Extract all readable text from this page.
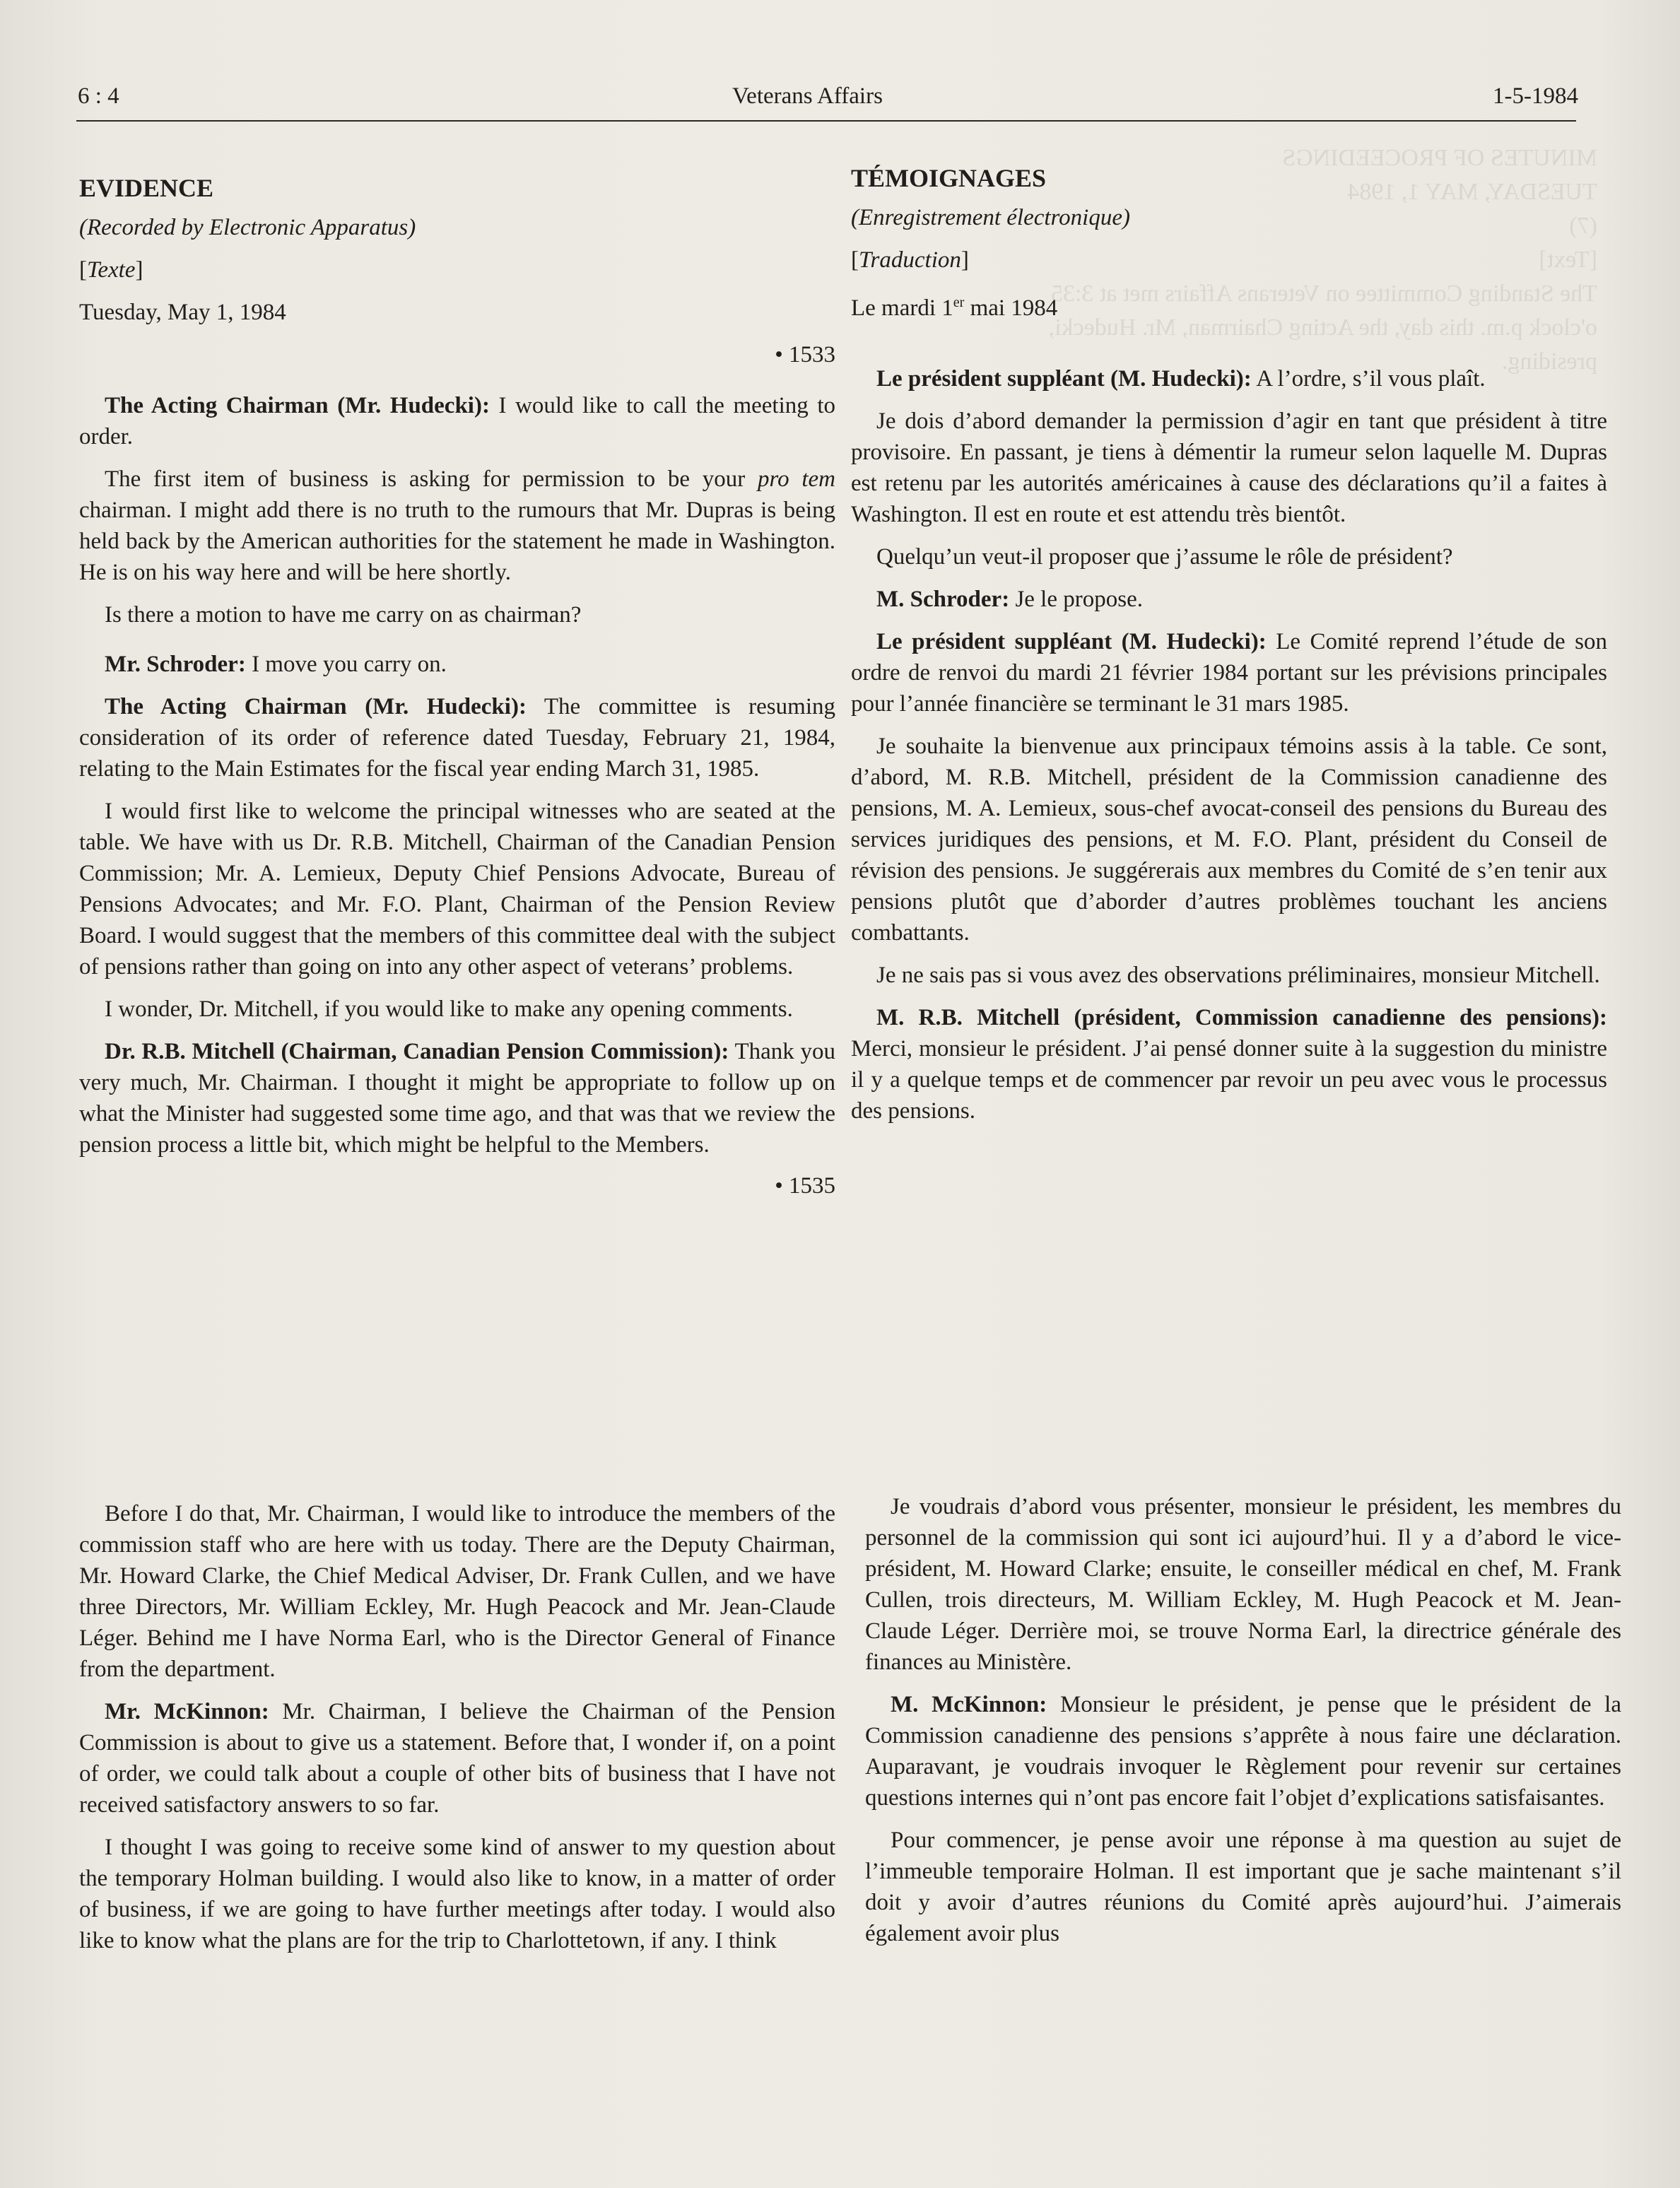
MINUTES OF PROCEEDINGS
TUESDAY, MAY 1, 1984
(7)
[Text]
The Standing Committee on Veterans Affairs met at 3:35
o'clock p.m. this day, the Acting Chairman, Mr. Hudecki,
presiding.
6 : 4	Veterans Affairs	1-5-1984
EVIDENCE
(Recorded by Electronic Apparatus)
[Texte]
Tuesday, May 1, 1984
• 1533

The Acting Chairman (Mr. Hudecki): I would like to call the meeting to order.

The first item of business is asking for permission to be your pro tem chairman. I might add there is no truth to the rumours that Mr. Dupras is being held back by the American authorities for the statement he made in Washington. He is on his way here and will be here shortly.

Is there a motion to have me carry on as chairman?

Mr. Schroder: I move you carry on.

The Acting Chairman (Mr. Hudecki): The committee is resuming consideration of its order of reference dated Tuesday, February 21, 1984, relating to the Main Estimates for the fiscal year ending March 31, 1985.

I would first like to welcome the principal witnesses who are seated at the table. We have with us Dr. R.B. Mitchell, Chairman of the Canadian Pension Commission; Mr. A. Lemieux, Deputy Chief Pensions Advocate, Bureau of Pensions Advocates; and Mr. F.O. Plant, Chairman of the Pension Review Board. I would suggest that the members of this committee deal with the subject of pensions rather than going on into any other aspect of veterans’ problems.

I wonder, Dr. Mitchell, if you would like to make any opening comments.

Dr. R.B. Mitchell (Chairman, Canadian Pension Commission): Thank you very much, Mr. Chairman. I thought it might be appropriate to follow up on what the Minister had suggested some time ago, and that was that we review the pension process a little bit, which might be helpful to the Members.

• 1535

Before I do that, Mr. Chairman, I would like to introduce the members of the commission staff who are here with us today. There are the Deputy Chairman, Mr. Howard Clarke, the Chief Medical Adviser, Dr. Frank Cullen, and we have three Directors, Mr. William Eckley, Mr. Hugh Peacock and Mr. Jean-Claude Léger. Behind me I have Norma Earl, who is the Director General of Finance from the department.

Mr. McKinnon: Mr. Chairman, I believe the Chairman of the Pension Commission is about to give us a statement. Before that, I wonder if, on a point of order, we could talk about a couple of other bits of business that I have not received satisfactory answers to so far.

I thought I was going to receive some kind of answer to my question about the temporary Holman building. I would also like to know, in a matter of order of business, if we are going to have further meetings after today. I would also like to know what the plans are for the trip to Charlottetown, if any. I think

TÉMOIGNAGES
(Enregistrement électronique)
[Traduction]
Le mardi 1er mai 1984

Le président suppléant (M. Hudecki): A l’ordre, s’il vous plaît.

Je dois d’abord demander la permission d’agir en tant que président à titre provisoire. En passant, je tiens à démentir la rumeur selon laquelle M. Dupras est retenu par les autorités américaines à cause des déclarations qu’il a faites à Washington. Il est en route et est attendu très bientôt.

Quelqu’un veut-il proposer que j’assume le rôle de président?

M. Schroder: Je le propose.

Le président suppléant (M. Hudecki): Le Comité reprend l’étude de son ordre de renvoi du mardi 21 février 1984 portant sur les prévisions principales pour l’année financière se terminant le 31 mars 1985.

Je souhaite la bienvenue aux principaux témoins assis à la table. Ce sont, d’abord, M. R.B. Mitchell, président de la Commission canadienne des pensions, M. A. Lemieux, sous-chef avocat-conseil des pensions du Bureau des services juridiques des pensions, et M. F.O. Plant, président du Conseil de révision des pensions. Je suggérerais aux membres du Comité de s’en tenir aux pensions plutôt que d’aborder d’autres problèmes touchant les anciens combattants.

Je ne sais pas si vous avez des observations préliminaires, monsieur Mitchell.

M. R.B. Mitchell (président, Commission canadienne des pensions): Merci, monsieur le président. J’ai pensé donner suite à la suggestion du ministre il y a quelque temps et de commencer par revoir un peu avec vous le processus des pensions.

Je voudrais d’abord vous présenter, monsieur le président, les membres du personnel de la commission qui sont ici aujourd’hui. Il y a d’abord le vice-président, M. Howard Clarke; ensuite, le conseiller médical en chef, M. Frank Cullen, trois directeurs, M. William Eckley, M. Hugh Peacock et M. Jean-Claude Léger. Derrière moi, se trouve Norma Earl, la directrice générale des finances au Ministère.

M. McKinnon: Monsieur le président, je pense que le président de la Commission canadienne des pensions s’apprête à nous faire une déclaration. Auparavant, je voudrais invoquer le Règlement pour revenir sur certaines questions internes qui n’ont pas encore fait l’objet d’explications satisfaisantes.

Pour commencer, je pense avoir une réponse à ma question au sujet de l’immeuble temporaire Holman. Il est important que je sache maintenant s’il doit y avoir d’autres réunions du Comité après aujourd’hui. J’aimerais également avoir plus
